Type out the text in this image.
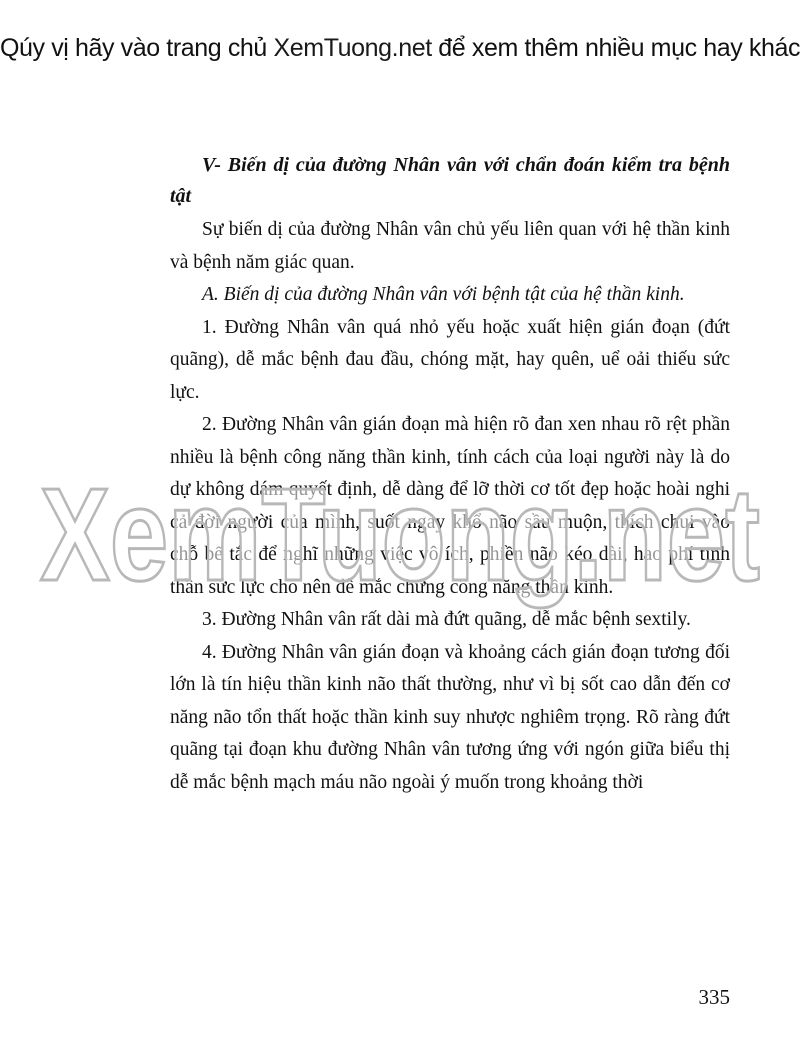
Qúy vị hãy vào trang chủ XemTuong.net để xem thêm nhiều mục hay khác

V- Biến dị của đường Nhân vân với chẩn đoán kiểm tra bệnh tật

Sự biến dị của đường Nhân vân chủ yếu liên quan với hệ thần kinh và bệnh năm giác quan.

A. Biến dị của đường Nhân vân với bệnh tật của hệ thần kinh.

1. Đường Nhân vân quá nhỏ yếu hoặc xuất hiện gián đoạn (đứt quãng), dễ mắc bệnh đau đầu, chóng mặt, hay quên, uể oải thiếu sức lực.

2. Đường Nhân vân gián đoạn mà hiện rõ đan xen nhau rõ rệt phần nhiều là bệnh công năng thần kinh, tính cách của loại người này là do dự không dám quyết định, dễ dàng để lỡ thời cơ tốt đẹp hoặc hoài nghi cả đời người của mình, suốt ngày khổ não sầu muộn, thích chui vào chỗ bế tắc để nghĩ những việc vô ích, phiền não kéo dài, hao phí tinh thần sức lực cho nên dễ mắc chứng công năng thần kinh.

3. Đường Nhân vân rất dài mà đứt quãng, dễ mắc bệnh sextily.

4. Đường Nhân vân gián đoạn và khoảng cách gián đoạn tương đối lớn là tín hiệu thần kinh não thất thường, như vì bị sốt cao dẫn đến cơ năng não tổn thất hoặc thần kinh suy nhược nghiêm trọng. Rõ ràng đứt quãng tại đoạn khu đường Nhân vân tương ứng với ngón giữa biểu thị dễ mắc bệnh mạch máu não ngoài ý muốn trong khoảng thời

335
XemTuong.net
